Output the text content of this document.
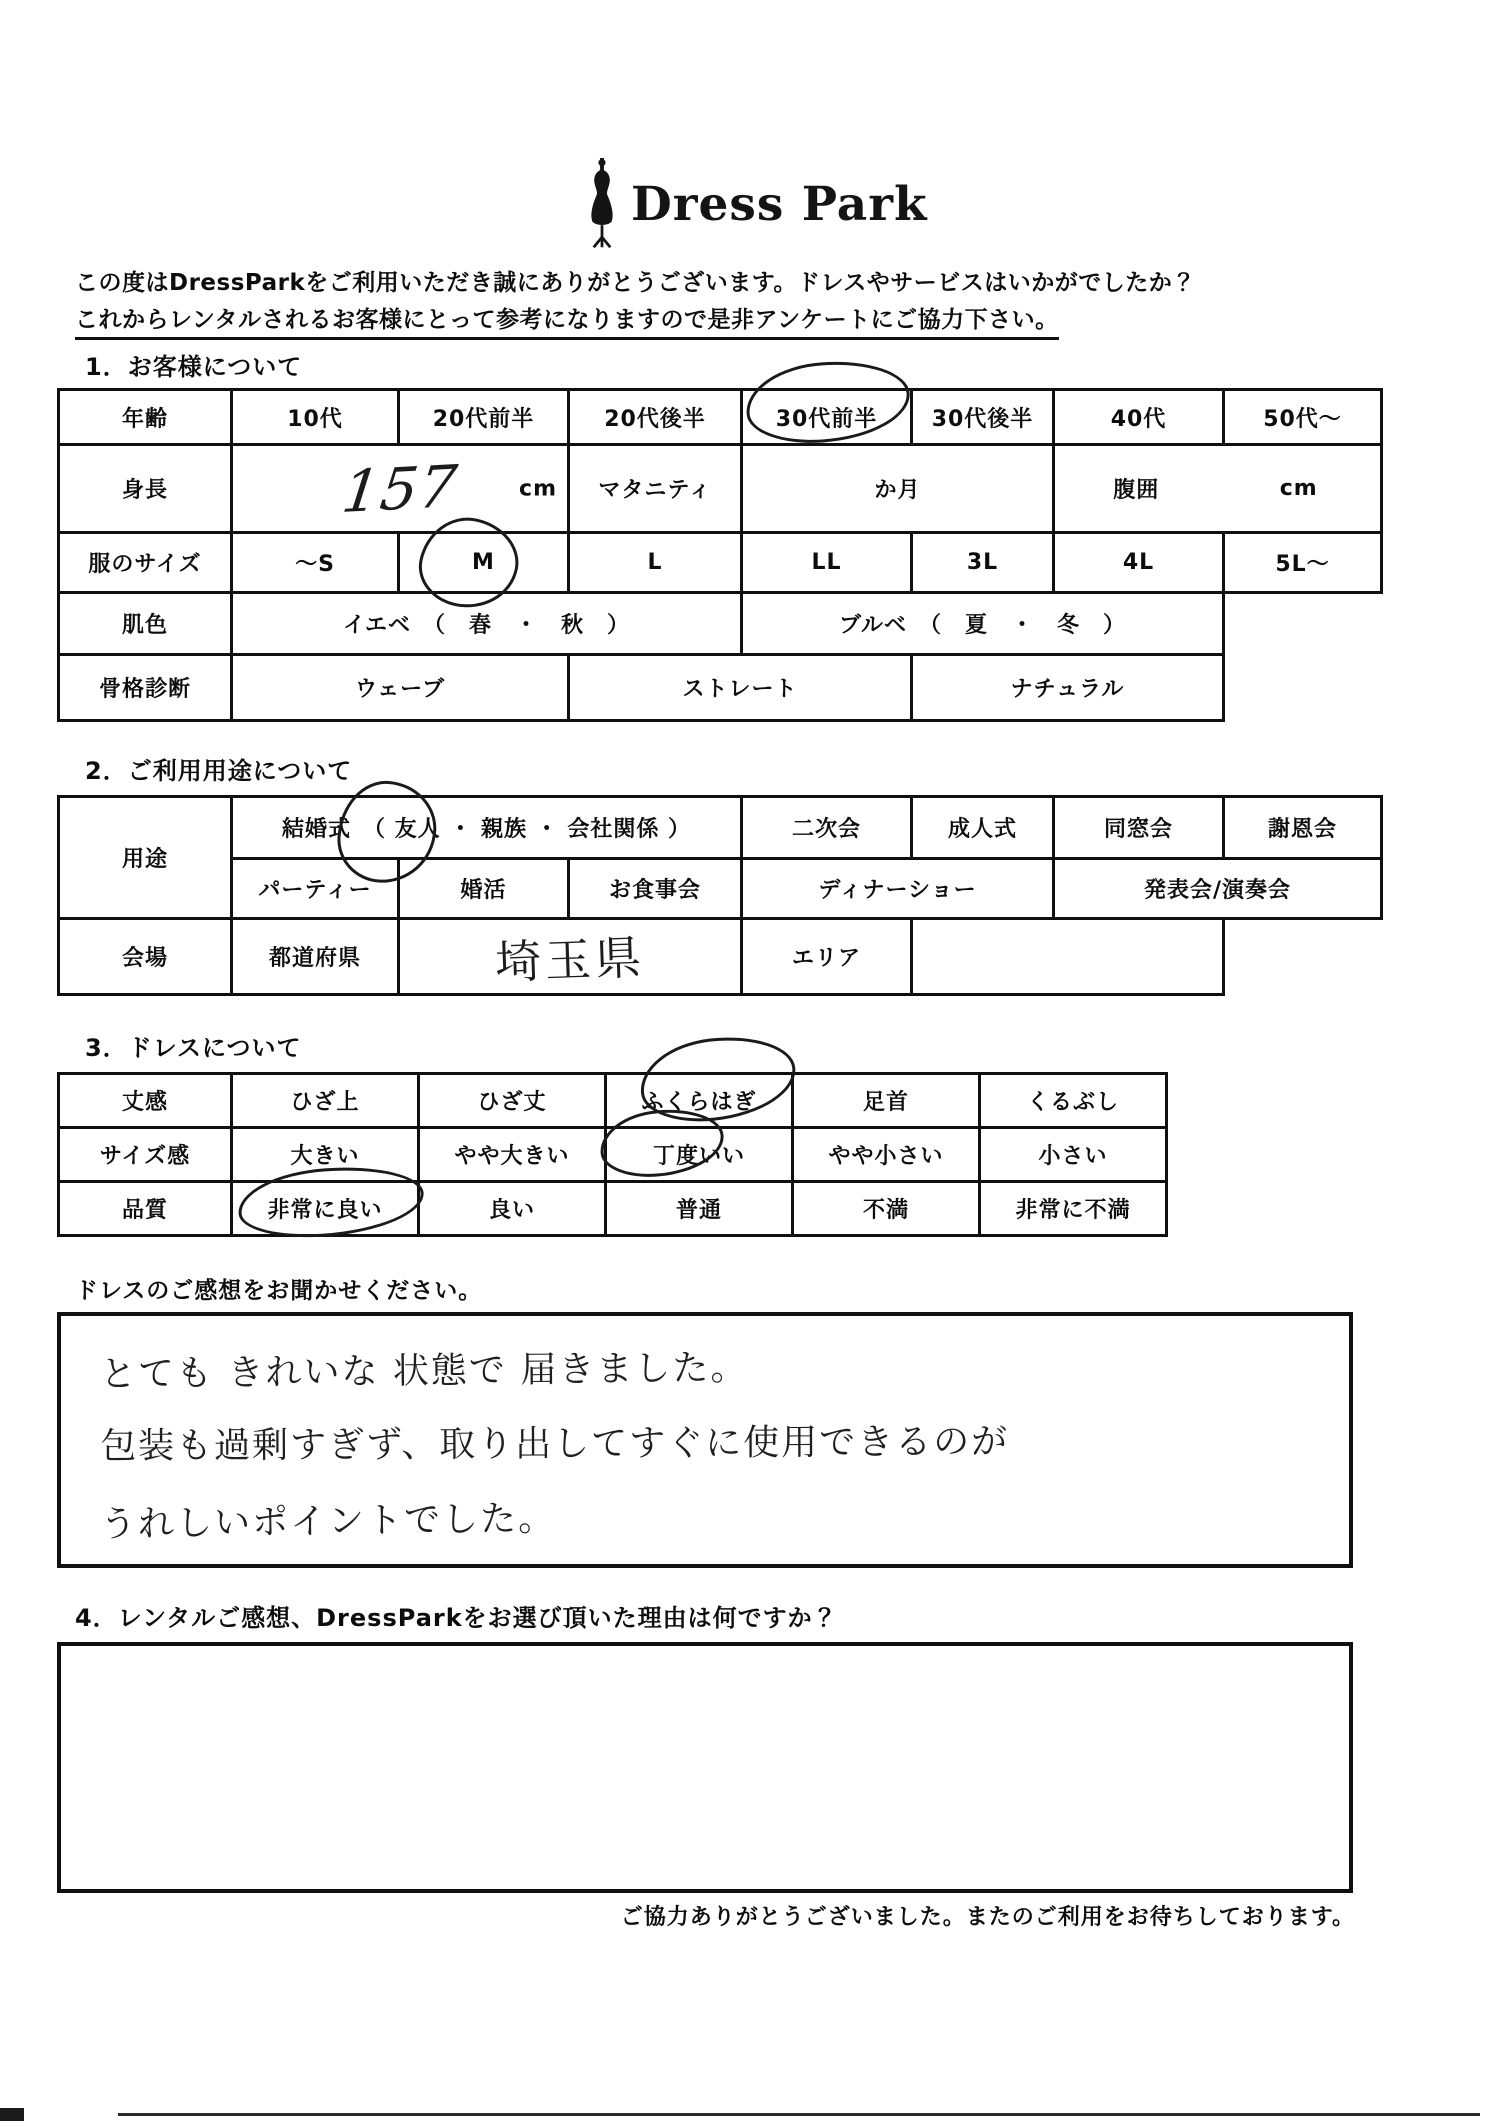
Dress Park
この度はDressParkをご利用いただき誠にありがとうございます。ドレスやサービスはいかがでしたか？
これからレンタルされるお客様にとって参考になりますので是非アンケートにご協力下さい。
1．お客様について
年齢	10代	20代前半	20代後半	30代前半	30代後半	40代	50代～
身長	157 cm		マタニティ	か月		腹囲 cm	

服のサイズ	～S	M	L	LL	3L	4L	5L～
肌色	イエベ　（　春　・　秋　）			ブルベ　（　夏　・　冬　）			
骨格診断	ウェーブ		ストレート		ナチュラル		
2．ご利用用途について
用途	結婚式　（ 友人 ・ 親族 ・ 会社関係 ）			二次会	成人式	同窓会	謝恩会
	パーティー	婚活	お食事会	ディナーショー		発表会/演奏会	
会場	都道府県	埼玉県		エリア			
3．ドレスについて
丈感	ひざ上	ひざ丈	ふくらはぎ	足首	くるぶし
サイズ感	大きい	やや大きい	丁度いい	やや小さい	小さい
品質	非常に良い	良い	普通	不満	非常に不満
ドレスのご感想をお聞かせください。
とても きれいな 状態で 届きました。
包装も過剰すぎず、取り出してすぐに使用できるのが
うれしいポイントでした。
4．レンタルご感想、DressParkをお選び頂いた理由は何ですか？
ご協力ありがとうございました。またのご利用をお待ちしております。
